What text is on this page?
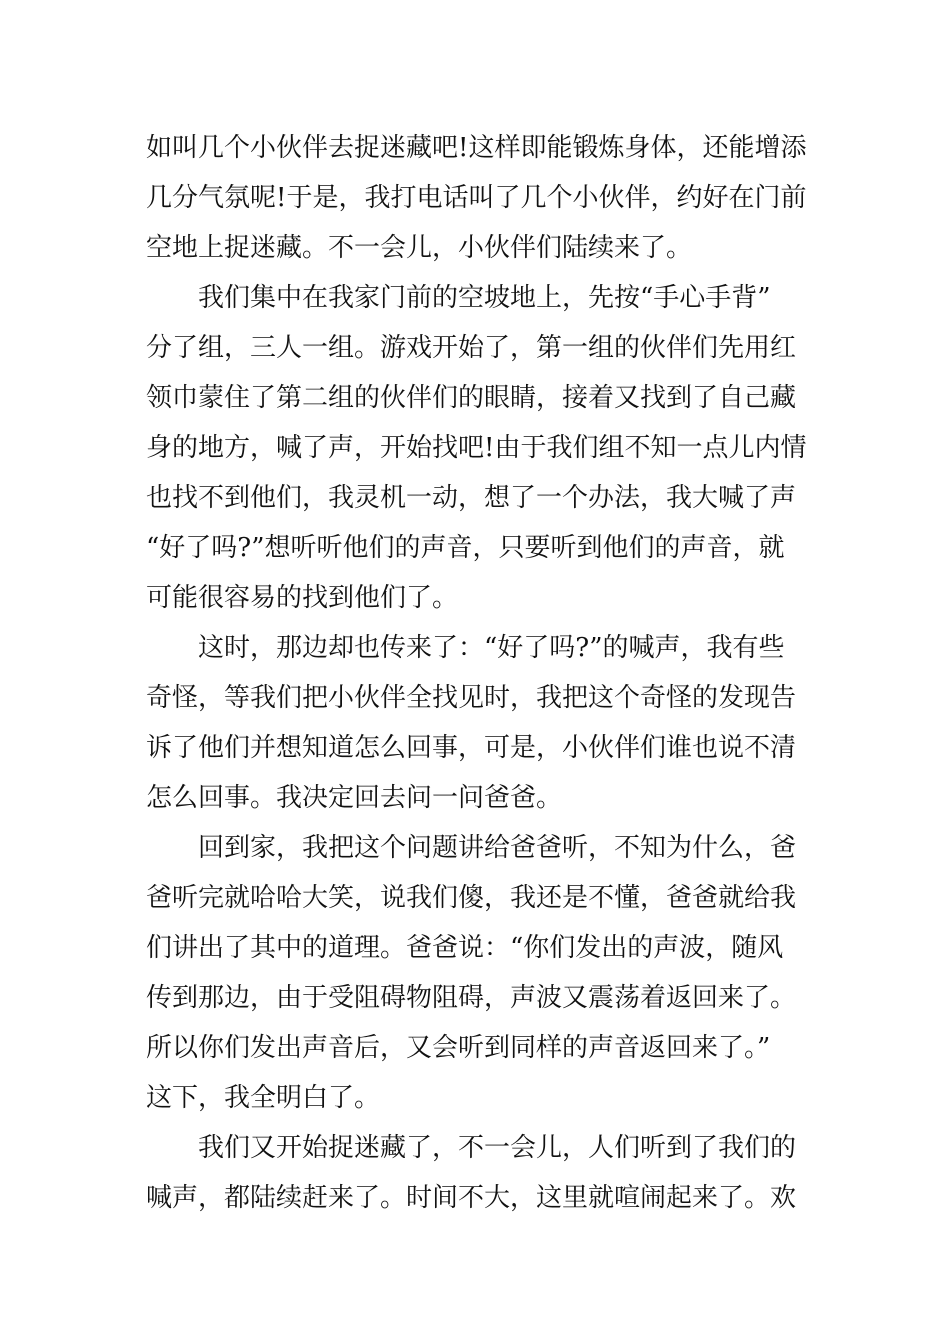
如叫几个小伙伴去捉迷藏吧!这样即能锻炼身体，还能增添
几分气氛呢!于是，我打电话叫了几个小伙伴，约好在门前
空地上捉迷藏。不一会儿，小伙伴们陆续来了。
我们集中在我家门前的空坡地上，先按“手心手背”
分了组，三人一组。游戏开始了，第一组的伙伴们先用红
领巾蒙住了第二组的伙伴们的眼睛，接着又找到了自己藏
身的地方，喊了声，开始找吧!由于我们组不知一点儿内情
也找不到他们，我灵机一动，想了一个办法，我大喊了声
“好了吗?”想听听他们的声音，只要听到他们的声音，就
可能很容易的找到他们了。
这时，那边却也传来了：“好了吗?”的喊声，我有些
奇怪，等我们把小伙伴全找见时，我把这个奇怪的发现告
诉了他们并想知道怎么回事，可是，小伙伴们谁也说不清
怎么回事。我决定回去问一问爸爸。
回到家，我把这个问题讲给爸爸听，不知为什么，爸
爸听完就哈哈大笑，说我们傻，我还是不懂，爸爸就给我
们讲出了其中的道理。爸爸说：“你们发出的声波，随风
传到那边，由于受阻碍物阻碍，声波又震荡着返回来了。
所以你们发出声音后，又会听到同样的声音返回来了。”
这下，我全明白了。
我们又开始捉迷藏了，不一会儿，人们听到了我们的
喊声，都陆续赶来了。时间不大，这里就喧闹起来了。欢
